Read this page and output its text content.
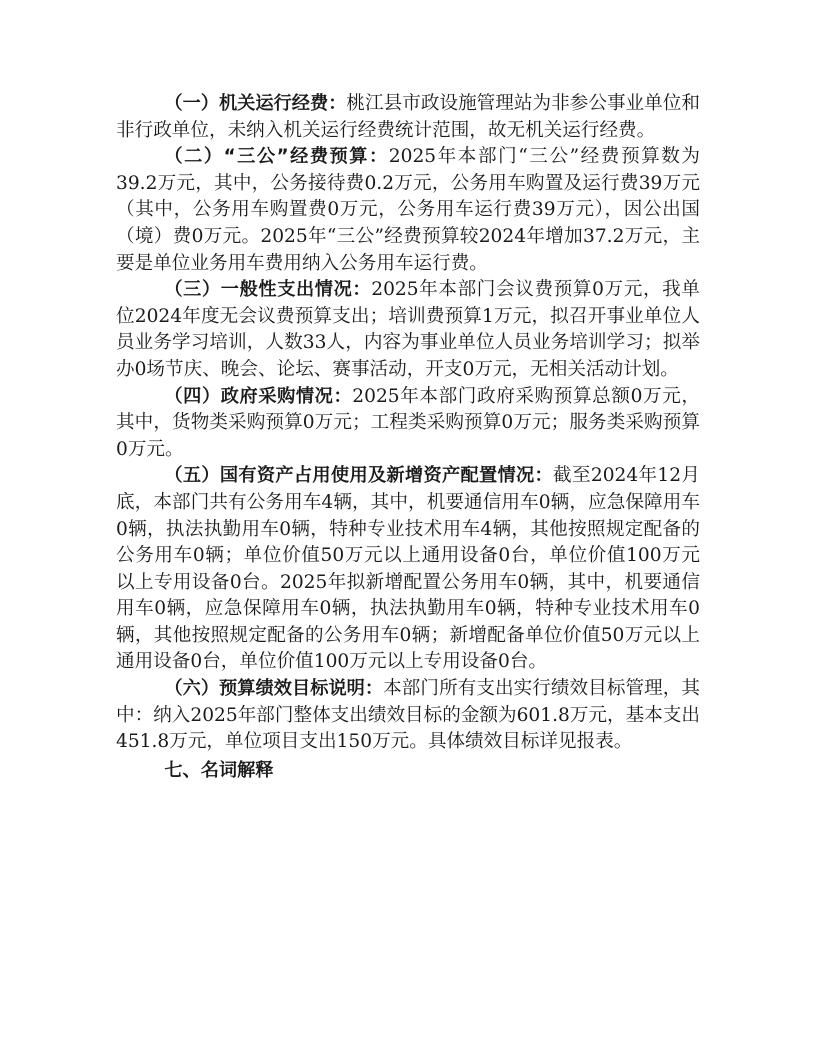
（一）机关运行经费：桃江县市政设施管理站为非参公事业单位和非行政单位，未纳入机关运行经费统计范围，故无机关运行经费。

（二）“三公”经费预算：2025年本部门“三公”经费预算数为39.2万元，其中，公务接待费0.2万元，公务用车购置及运行费39万元（其中，公务用车购置费0万元，公务用车运行费39万元），因公出国（境）费0万元。2025年“三公”经费预算较2024年增加37.2万元，主要是单位业务用车费用纳入公务用车运行费。

（三）一般性支出情况：2025年本部门会议费预算0万元，我单位2024年度无会议费预算支出；培训费预算1万元，拟召开事业单位人员业务学习培训，人数33人，内容为事业单位人员业务培训学习；拟举办0场节庆、晚会、论坛、赛事活动，开支0万元，无相关活动计划。

（四）政府采购情况：2025年本部门政府采购预算总额0万元，其中，货物类采购预算0万元；工程类采购预算0万元；服务类采购预算0万元。

（五）国有资产占用使用及新增资产配置情况：截至2024年12月底，本部门共有公务用车4辆，其中，机要通信用车0辆，应急保障用车0辆，执法执勤用车0辆，特种专业技术用车4辆，其他按照规定配备的公务用车0辆；单位价值50万元以上通用设备0台，单位价值100万元以上专用设备0台。2025年拟新增配置公务用车0辆，其中，机要通信用车0辆，应急保障用车0辆，执法执勤用车0辆，特种专业技术用车0辆，其他按照规定配备的公务用车0辆；新增配备单位价值50万元以上通用设备0台，单位价值100万元以上专用设备0台。

（六）预算绩效目标说明：本部门所有支出实行绩效目标管理，其中：纳入2025年部门整体支出绩效目标的金额为601.8万元，基本支出451.8万元，单位项目支出150万元。具体绩效目标详见报表。

七、名词解释
